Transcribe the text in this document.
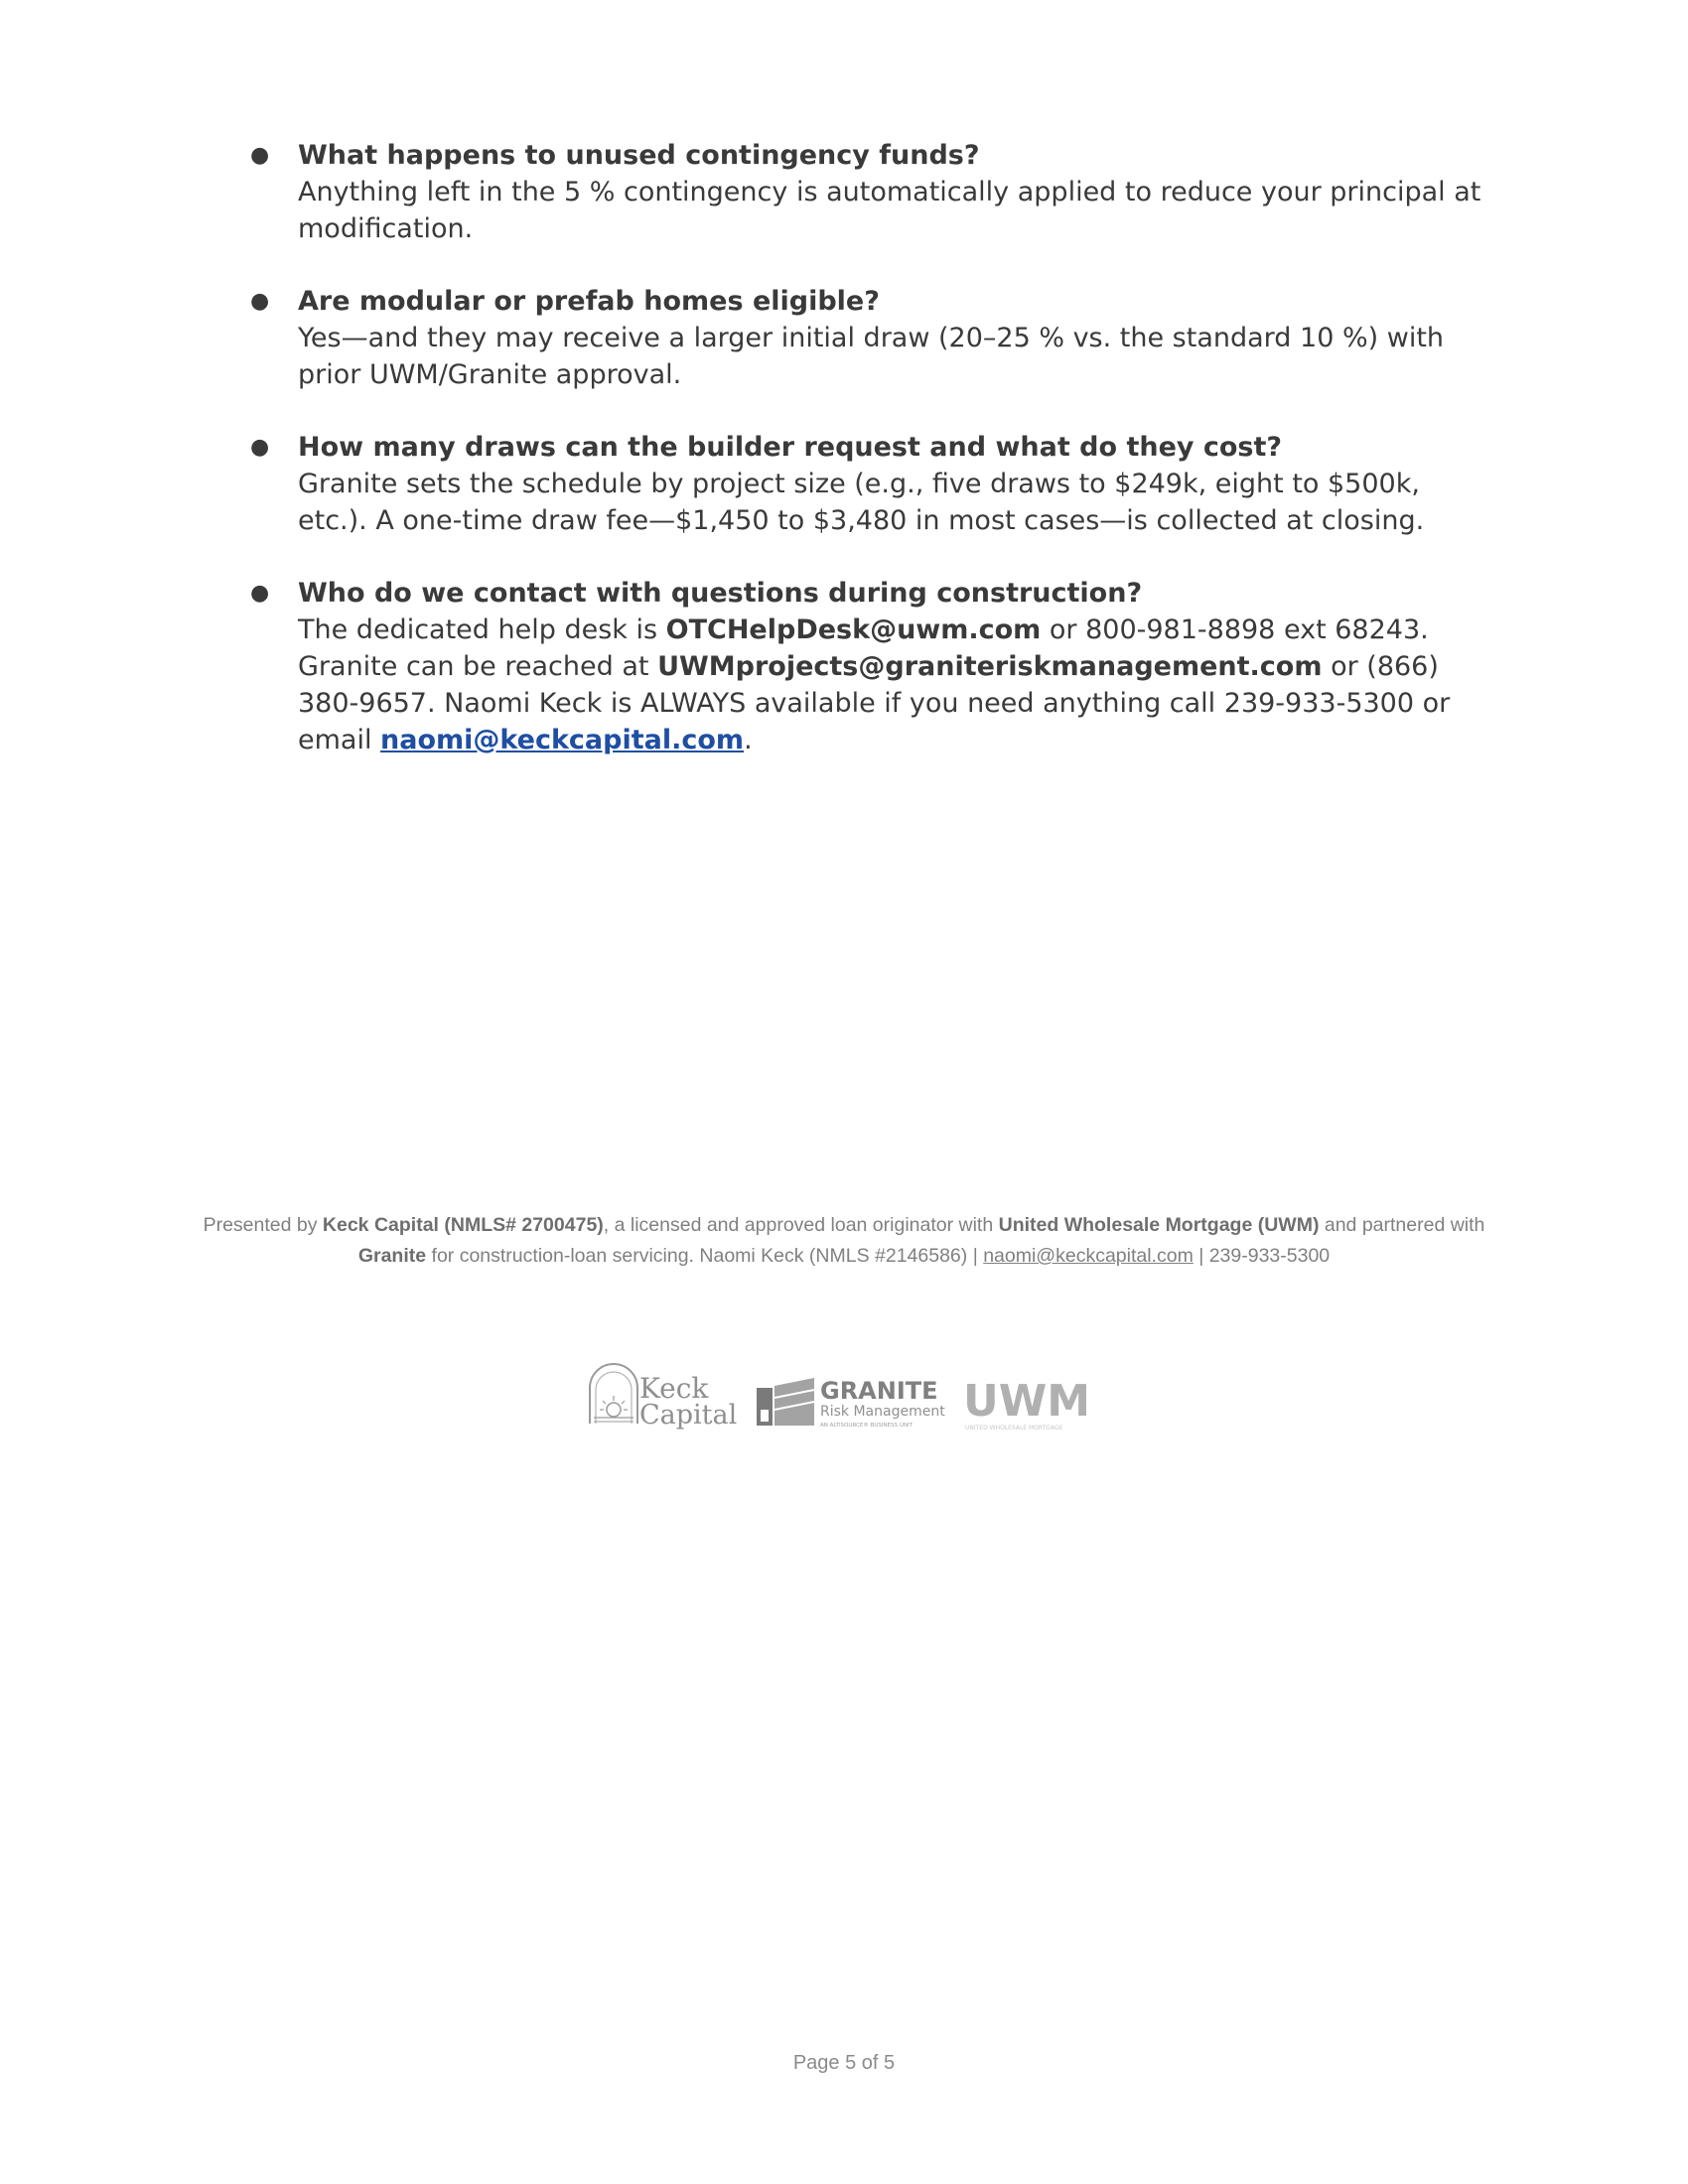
● What happens to unused contingency funds?
Anything left in the 5 % contingency is automatically applied to reduce your principal at modification.
● Are modular or prefab homes eligible?
Yes—and they may receive a larger initial draw (20–25 % vs. the standard 10 %) with prior UWM/Granite approval.
● How many draws can the builder request and what do they cost?
Granite sets the schedule by project size (e.g., five draws to $249k, eight to $500k, etc.). A one-time draw fee—$1,450 to $3,480 in most cases—is collected at closing.
● Who do we contact with questions during construction?
The dedicated help desk is OTCHelpDesk@uwm.com or 800-981-8898 ext 68243. Granite can be reached at UWMprojects@graniteriskmanagement.com or (866) 380-9657. Naomi Keck is ALWAYS available if you need anything call 239-933-5300 or email naomi@keckcapital.com.
Presented by Keck Capital (NMLS# 2700475), a licensed and approved loan originator with United Wholesale Mortgage (UWM) and partnered with Granite for construction-loan servicing. Naomi Keck (NMLS #2146586) | naomi@keckcapital.com | 239-933-5300
Keck
Capital
GRANITE
Risk Management
AN ALTISOURCE® BUSINESS UNIT UWM
UNITED WHOLESALE MORTGAGE
Page 5 of 5
